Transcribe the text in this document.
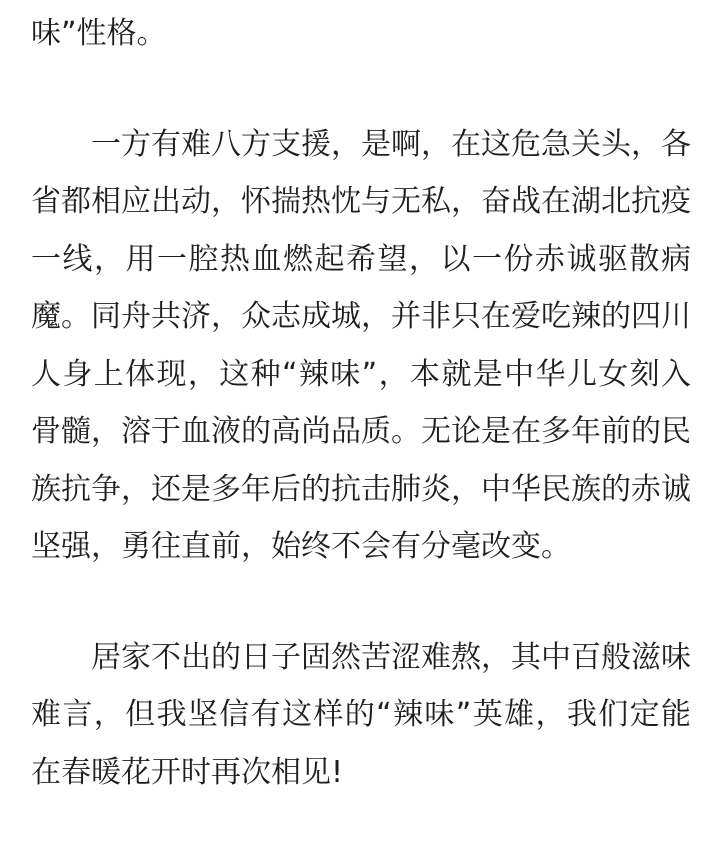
味”性格。

一方有难八方支援，是啊，在这危急关头，各省都相应出动，怀揣热忱与无私，奋战在湖北抗疫一线，用一腔热血燃起希望，以一份赤诚驱散病魔。同舟共济，众志成城，并非只在爱吃辣的四川人身上体现，这种“辣味”，本就是中华儿女刻入骨髓，溶于血液的高尚品质。无论是在多年前的民族抗争，还是多年后的抗击肺炎，中华民族的赤诚坚强，勇往直前，始终不会有分毫改变。

居家不出的日子固然苦涩难熬，其中百般滋味难言，但我坚信有这样的“辣味”英雄，我们定能在春暖花开时再次相见!
